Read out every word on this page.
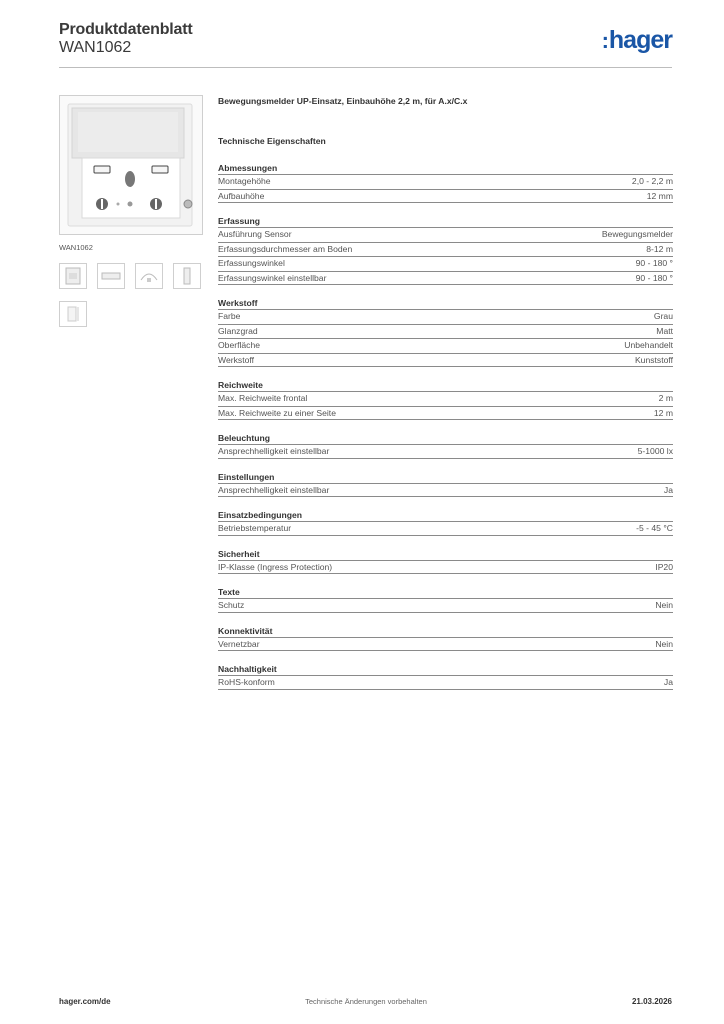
Produktdatenblatt
WAN1062	:hager
WAN1062
Bewegungsmelder UP-Einsatz, Einbauhöhe 2,2 m, für A.x/C.x
Technische Eigenschaften
Abmessungen
Montagehöhe	2,0 - 2,2 m
Aufbauhöhe	12 mm
Erfassung
Ausführung Sensor	Bewegungsmelder
Erfassungsdurchmesser am Boden	8-12 m
Erfassungswinkel	90 - 180 °
Erfassungswinkel einstellbar	90 - 180 °
Werkstoff
Farbe	Grau
Glanzgrad	Matt
Oberfläche	Unbehandelt
Werkstoff	Kunststoff
Reichweite
Max. Reichweite frontal	2 m
Max. Reichweite zu einer Seite	12 m
Beleuchtung
Ansprechhelligkeit einstellbar	5-1000 lx
Einstellungen
Ansprechhelligkeit einstellbar	Ja
Einsatzbedingungen
Betriebstemperatur	-5 - 45 °C
Sicherheit
IP-Klasse (Ingress Protection)	IP20
Texte
Schutz	Nein
Konnektivität
Vernetzbar	Nein
Nachhaltigkeit
RoHS-konform	Ja
hager.com/de	Technische Änderungen vorbehalten	21.03.2026
